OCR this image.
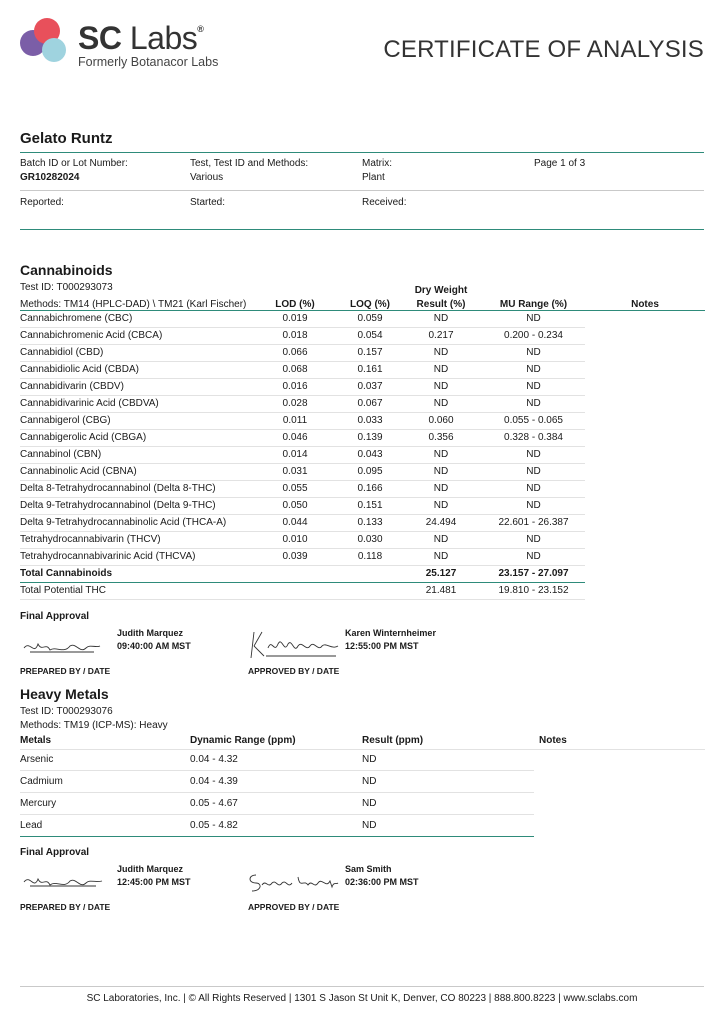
SC Labs®
Formerly Botanacor Labs	CERTIFICATE OF ANALYSIS
Gelato Runtz
Batch ID or Lot Number:
GR10282024
Test, Test ID and Methods:
Various
Matrix:
Plant
Page 1 of 3
Reported:	Started:	Received:
Cannabinoids
Test ID: T000293073
				Dry Weight		
Methods: TM14 (HPLC-DAD) \ TM21 (Karl Fischer)	LOD (%)	LOQ (%)	Result (%)	MU Range (%)	Notes
Cannabichromene (CBC)	0.019	0.059	ND	ND	
Cannabichromenic Acid (CBCA)	0.018	0.054	0.217	0.200 - 0.234	
Cannabidiol (CBD)	0.066	0.157	ND	ND	
Cannabidiolic Acid (CBDA)	0.068	0.161	ND	ND	
Cannabidivarin (CBDV)	0.016	0.037	ND	ND	
Cannabidivarinic Acid (CBDVA)	0.028	0.067	ND	ND	
Cannabigerol (CBG)	0.011	0.033	0.060	0.055 - 0.065	
Cannabigerolic Acid (CBGA)	0.046	0.139	0.356	0.328 - 0.384	
Cannabinol (CBN)	0.014	0.043	ND	ND	
Cannabinolic Acid (CBNA)	0.031	0.095	ND	ND	
Delta 8-Tetrahydrocannabinol (Delta 8-THC)	0.055	0.166	ND	ND	
Delta 9-Tetrahydrocannabinol (Delta 9-THC)	0.050	0.151	ND	ND	
Delta 9-Tetrahydrocannabinolic Acid (THCA-A)	0.044	0.133	24.494	22.601 - 26.387	
Tetrahydrocannabivarin (THCV)	0.010	0.030	ND	ND	
Tetrahydrocannabivarinic Acid (THCVA)	0.039	0.118	ND	ND	
Total Cannabinoids			25.127	23.157 - 27.097	
Total Potential THC			21.481	19.810 - 23.152	
Final Approval
Judith Marquez
09:40:00 AM MST
PREPARED BY / DATE
Karen Winternheimer
12:55:00 PM MST
APPROVED BY / DATE
Heavy Metals
Test ID: T000293076
Methods: TM19 (ICP-MS): Heavy
Metals	Dynamic Range (ppm)	Result (ppm)	Notes
Arsenic	0.04 - 4.32	ND
Cadmium	0.04 - 4.39	ND
Mercury	0.05 - 4.67	ND
Lead	0.05 - 4.82	ND
Final Approval
Judith Marquez
12:45:00 PM MST
PREPARED BY / DATE
Sam Smith
02:36:00 PM MST
APPROVED BY / DATE
SC Laboratories, Inc. | © All Rights Reserved | 1301 S Jason St Unit K, Denver, CO 80223 | 888.800.8223 | www.sclabs.com
